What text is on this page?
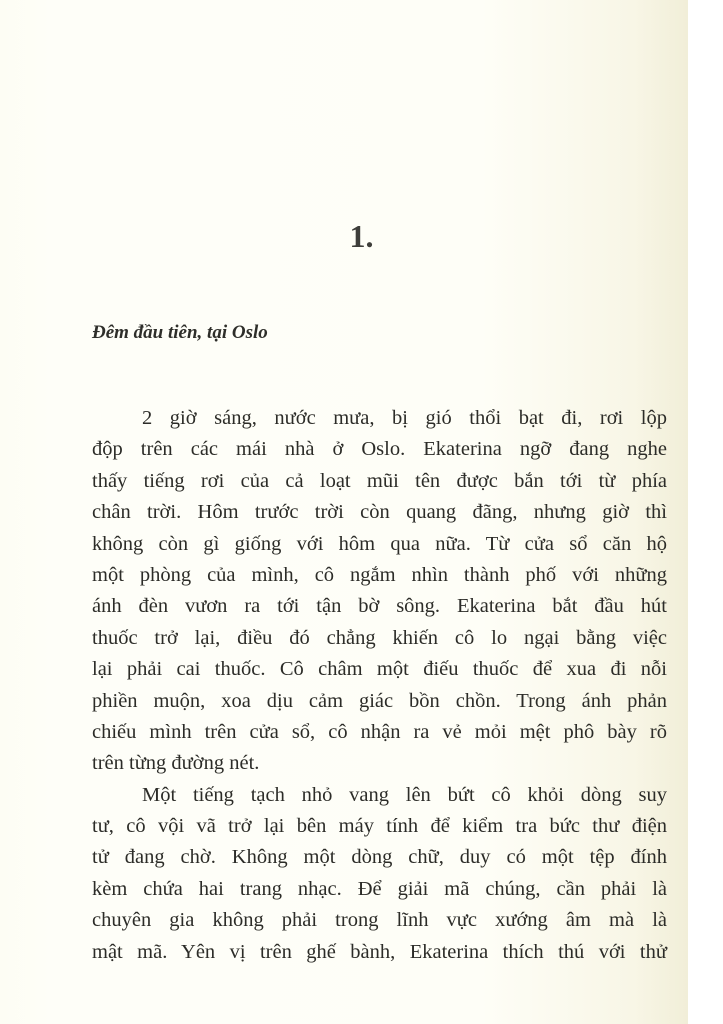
1.
Đêm đầu tiên, tại Oslo
2 giờ sáng, nước mưa, bị gió thổi bạt đi, rơi lộp
độp trên các mái nhà ở Oslo. Ekaterina ngỡ đang nghe
thấy tiếng rơi của cả loạt mũi tên được bắn tới từ phía
chân trời. Hôm trước trời còn quang đãng, nhưng giờ thì
không còn gì giống với hôm qua nữa. Từ cửa sổ căn hộ
một phòng của mình, cô ngắm nhìn thành phố với những
ánh đèn vươn ra tới tận bờ sông. Ekaterina bắt đầu hút
thuốc trở lại, điều đó chẳng khiến cô lo ngại bằng việc
lại phải cai thuốc. Cô châm một điếu thuốc để xua đi nỗi
phiền muộn, xoa dịu cảm giác bồn chồn. Trong ánh phản
chiếu mình trên cửa sổ, cô nhận ra vẻ mỏi mệt phô bày rõ
trên từng đường nét.
Một tiếng tạch nhỏ vang lên bứt cô khỏi dòng suy
tư, cô vội vã trở lại bên máy tính để kiểm tra bức thư điện
tử đang chờ. Không một dòng chữ, duy có một tệp đính
kèm chứa hai trang nhạc. Để giải mã chúng, cần phải là
chuyên gia không phải trong lĩnh vực xướng âm mà là
mật mã. Yên vị trên ghế bành, Ekaterina thích thú với thử
